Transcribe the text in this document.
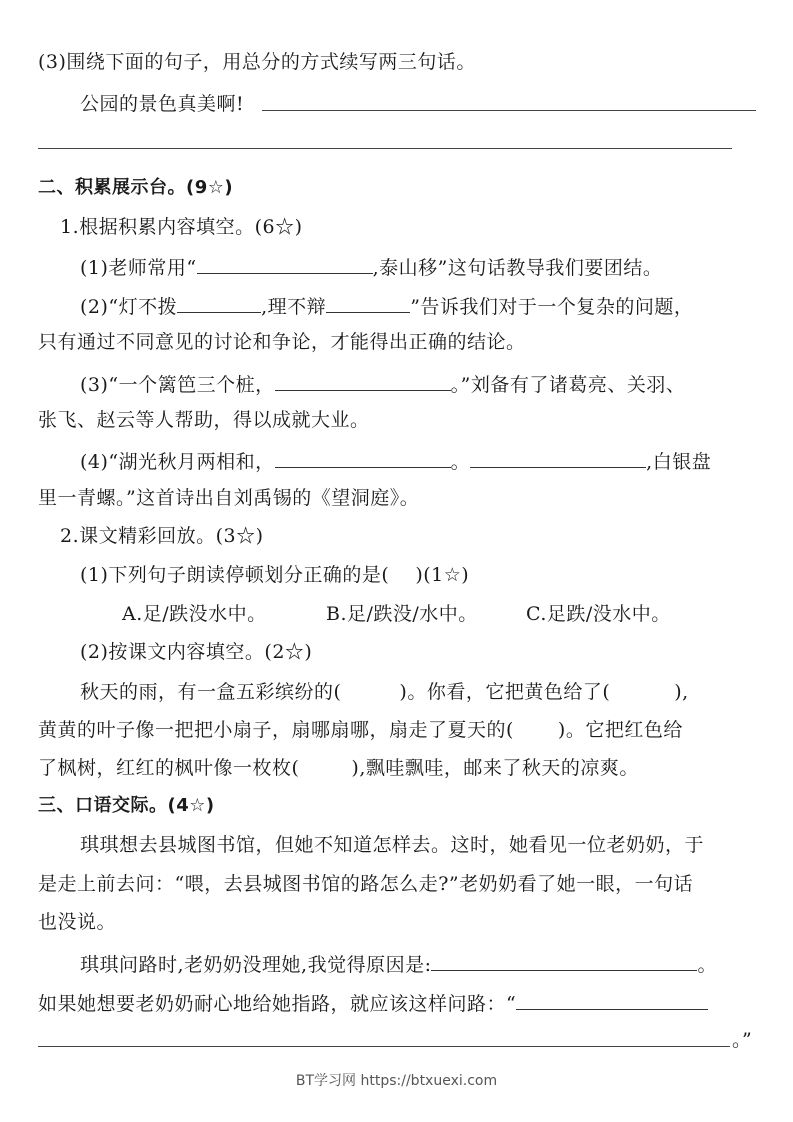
(3)围绕下面的句子，用总分的方式续写两三句话。
公园的景色真美啊!
二、积累展示台。(9☆)
1.根据积累内容填空。(6☆)
(1)老师常用“	,泰山移”这句话教导我们要团结。
(2)“灯不拨	,理不辩	”告诉我们对于一个复杂的问题，
只有通过不同意见的讨论和争论，才能得出正确的结论。
(3)“一个篱笆三个桩，	。”刘备有了诸葛亮、关羽、
张飞、赵云等人帮助，得以成就大业。
(4)“湖光秋月两相和，	。	,白银盘
里一青螺。”这首诗出自刘禹锡的《望洞庭》。
2.课文精彩回放。(3☆)
(1)下列句子朗读停顿划分正确的是( )(1☆)
A.足/跌没水中。	B.足/跌没/水中。	C.足跌/没水中。
(2)按课文内容填空。(2☆)
秋天的雨，有一盒五彩缤纷的(	)。你看，它把黄色给了(	),
黄黄的叶子像一把把小扇子，扇哪扇哪，扇走了夏天的( )。它把红色给
了枫树，红红的枫叶像一枚枚(	),飘哇飘哇，邮来了秋天的凉爽。
三、口语交际。(4☆)
琪琪想去县城图书馆，但她不知道怎样去。这时，她看见一位老奶奶，于
是走上前去问：“喂，去县城图书馆的路怎么走?”老奶奶看了她一眼，一句话
也没说。
琪琪问路时,老奶奶没理她,我觉得原因是:	。
如果她想要老奶奶耐心地给她指路，就应该这样问路：“
。”
BT学习网 https://btxuexi.com
